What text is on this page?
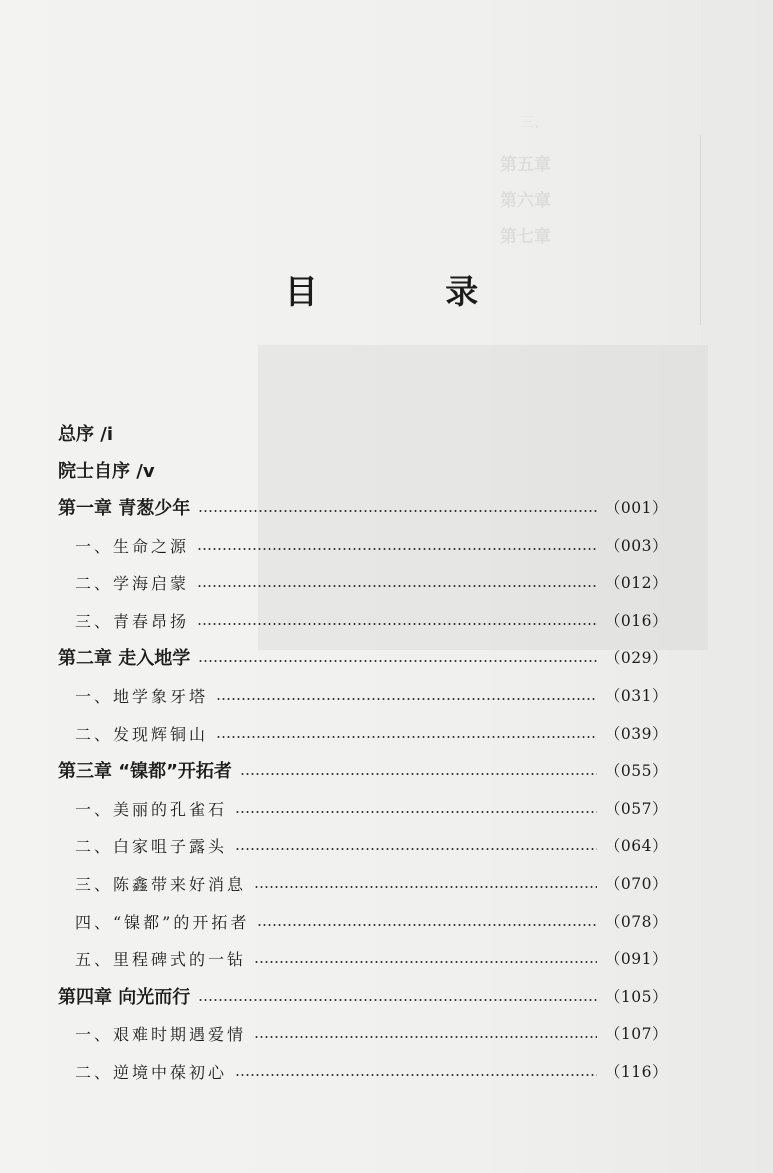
三、
第五章
第六章
第七章
目 录
总序 /i
院士自序 /v
第一章 青葱少年	（001）
一、生命之源	（003）
二、学海启蒙	（012）
三、青春昂扬	（016）
第二章 走入地学	（029）
一、地学象牙塔	（031）
二、发现辉铜山	（039）
第三章 “镍都”开拓者	（055）
一、美丽的孔雀石	（057）
二、白家咀子露头	（064）
三、陈鑫带来好消息	（070）
四、“镍都”的开拓者	（078）
五、里程碑式的一钻	（091）
第四章 向光而行	（105）
一、艰难时期遇爱情	（107）
二、逆境中葆初心	（116）
